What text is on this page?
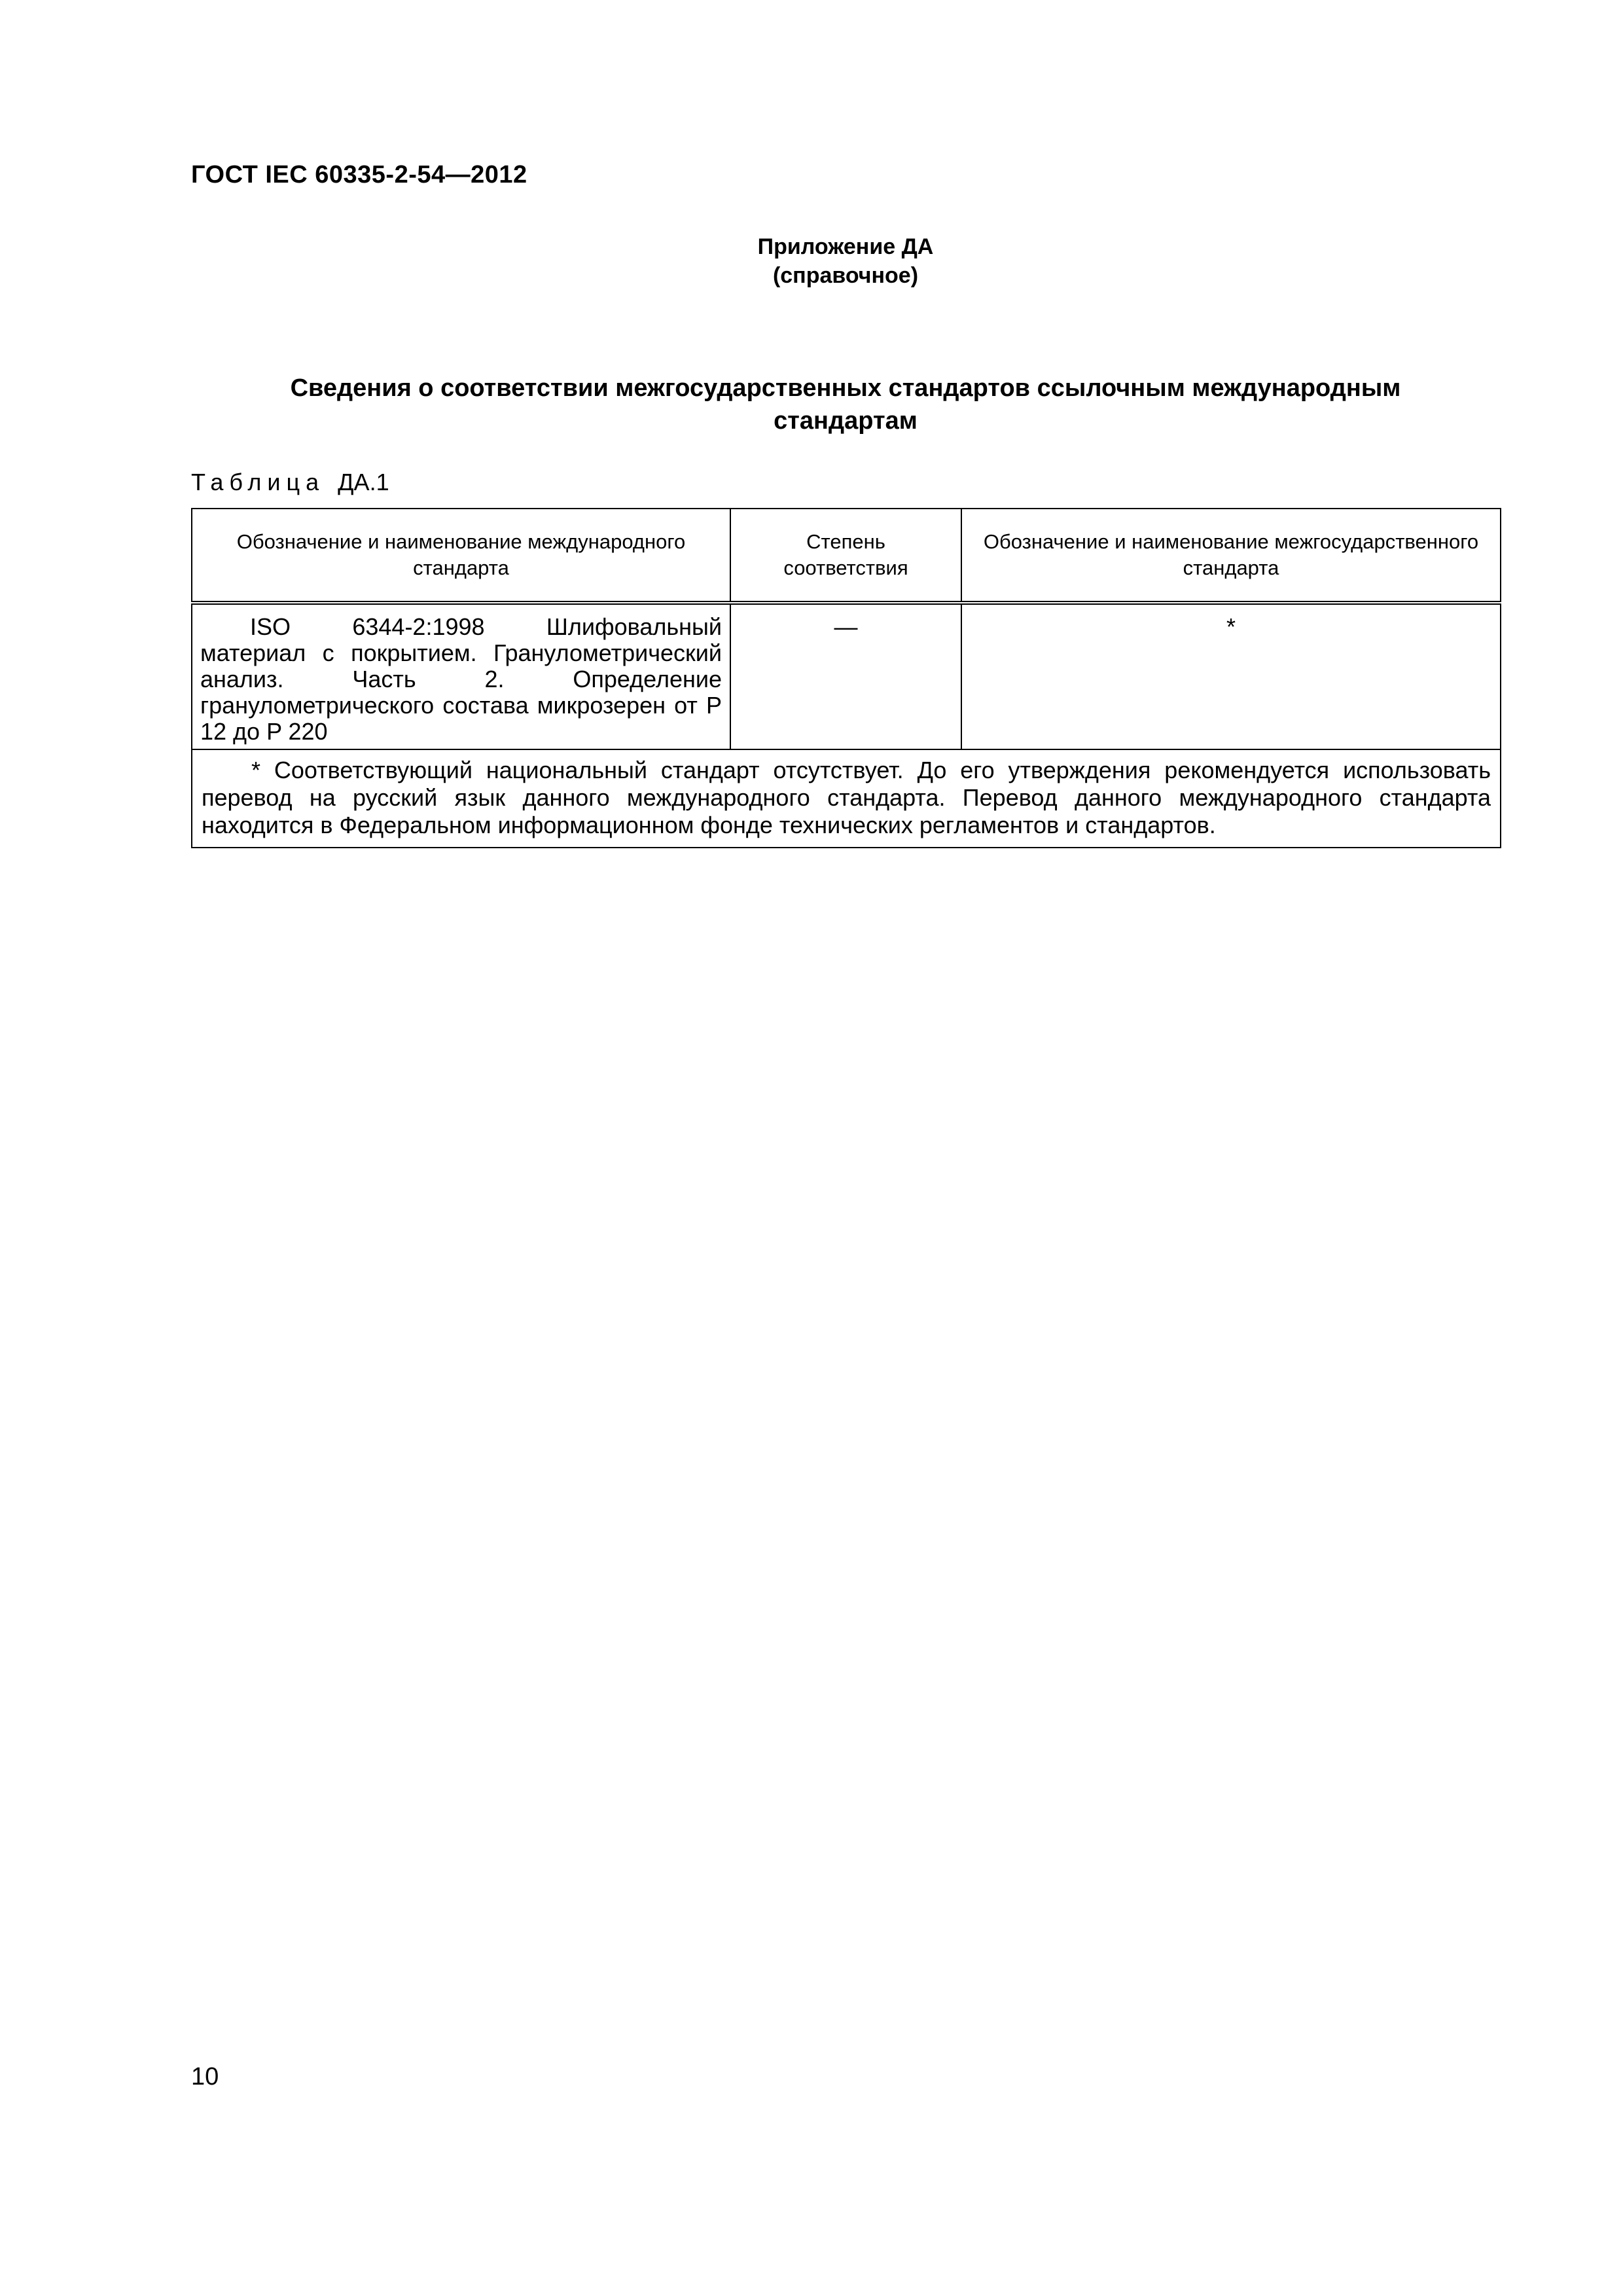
ГОСТ IEC 60335-2-54—2012
Приложение ДА
(справочное)
Сведения о соответствии межгосударственных стандартов ссылочным международным
стандартам
Таблица ДА.1
Обозначение и наименование международного стандарта	Степень соответствия	Обозначение и наименование межгосударственного стандарта
ISO 6344-2:1998 Шлифовальный материал с покрытием. Гранулометрический анализ. Часть 2. Определение гранулометрического состава микрозерен от P 12 до P 220	—	*
* Соответствующий национальный стандарт отсутствует. До его утверждения рекомендуется использовать перевод на русский язык данного международного стандарта. Перевод данного международного стандарта находится в Федеральном информационном фонде технических регламентов и стандартов.		
10
